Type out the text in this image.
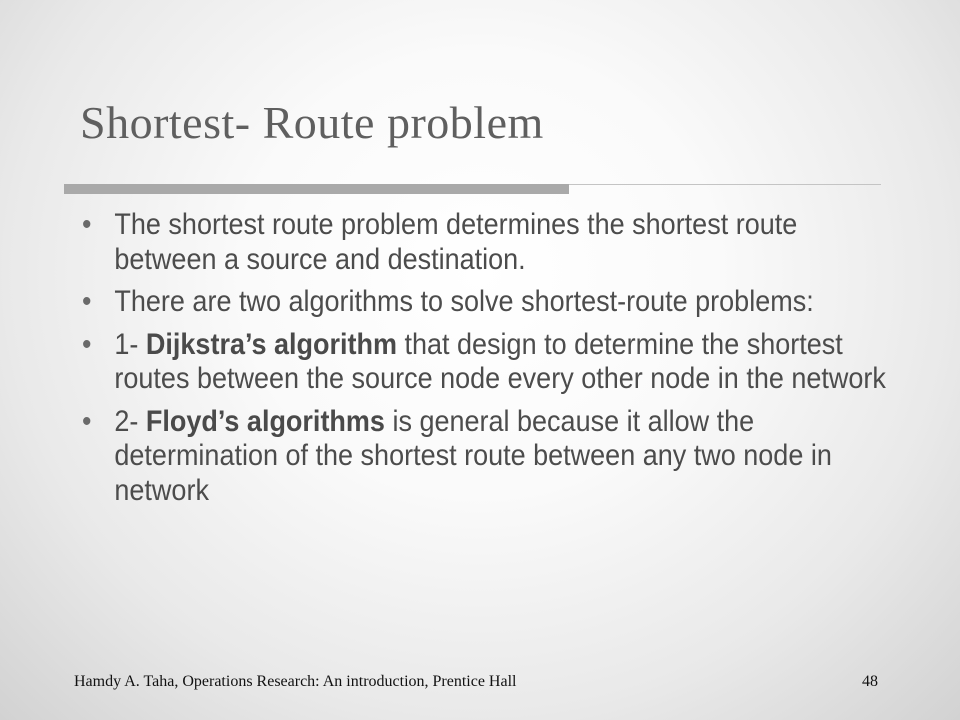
Shortest- Route problem
• The shortest route problem determines the shortest route between a source and destination.
• There are two algorithms to solve shortest-route problems:
• 1- Dijkstra’s algorithm that design to determine the shortest routes between the source node every other node in the network
• 2- Floyd’s algorithms is general because it allow the determination of the shortest route between any two node in network
Hamdy A. Taha, Operations Research: An introduction, Prentice Hall	48
